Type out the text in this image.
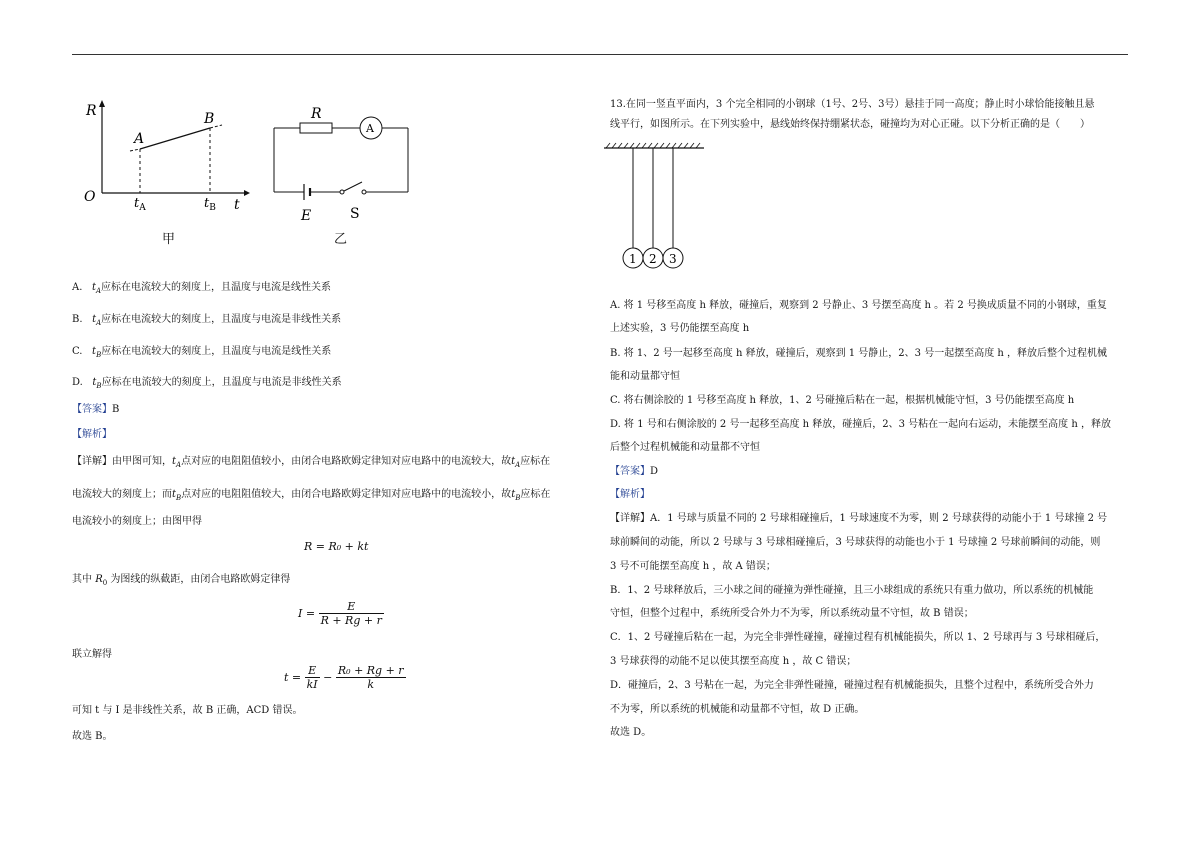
R
O	t
A
B
$t_A$	$t_B$
甲
R
A
E	S
乙
A. $t_A$应标在电流较大的刻度上，且温度与电流是线性关系
B. $t_A$应标在电流较大的刻度上，且温度与电流是非线性关系
C. $t_B$应标在电流较大的刻度上，且温度与电流是线性关系
D. $t_B$应标在电流较大的刻度上，且温度与电流是非线性关系
【答案】B
【解析】
【详解】由甲图可知，$t_A$点对应的电阻阻值较小，由闭合电路欧姆定律知对应电路中的电流较大，故$t_A$应标在
电流较大的刻度上；而$t_B$点对应的电阻阻值较大，由闭合电路欧姆定律知对应电路中的电流较小，故$t_B$应标在
电流较小的刻度上；由图甲得
R = R₀ + kt
其中 $R_0$ 为图线的纵截距，由闭合电路欧姆定律得
$I = \frac{E}{R + Rg + r}$
联立解得
$t = \frac{E}{kI} - \frac{\text{R₀ + Rg + r}}{k}$
可知 t 与 I 是非线性关系，故 B 正确，ACD 错误。
故选 B。
13.在同一竖直平面内，3 个完全相同的小钢球（1号、2号、3号）悬挂于同一高度；静止时小球恰能接触且悬
线平行，如图所示。在下列实验中，悬线始终保持绷紧状态，碰撞均为对心正碰。以下分析正确的是（　　）
1 2 3
A. 将 1 号移至高度 h 释放，碰撞后，观察到 2 号静止、3 号摆至高度 h 。若 2 号换成质量不同的小钢球，重复
上述实验，3 号仍能摆至高度 h
B. 将 1、2 号一起移至高度 h 释放，碰撞后，观察到 1 号静止，2、3 号一起摆至高度 h ，释放后整个过程机械
能和动量都守恒
C. 将右侧涂胶的 1 号移至高度 h 释放，1、2 号碰撞后粘在一起，根据机械能守恒，3 号仍能摆至高度 h
D. 将 1 号和右侧涂胶的 2 号一起移至高度 h 释放，碰撞后，2、3 号粘在一起向右运动，未能摆至高度 h ，释放
后整个过程机械能和动量都不守恒
【答案】D
【解析】
【详解】A．1 号球与质量不同的 2 号球相碰撞后，1 号球速度不为零，则 2 号球获得的动能小于 1 号球撞 2 号
球前瞬间的动能，所以 2 号球与 3 号球相碰撞后，3 号球获得的动能也小于 1 号球撞 2 号球前瞬间的动能，则
3 号不可能摆至高度 h ，故 A 错误；
B．1、2 号球释放后，三小球之间的碰撞为弹性碰撞，且三小球组成的系统只有重力做功，所以系统的机械能
守恒，但整个过程中，系统所受合外力不为零，所以系统动量不守恒，故 B 错误；
C．1、2 号碰撞后粘在一起，为完全非弹性碰撞，碰撞过程有机械能损失，所以 1、2 号球再与 3 号球相碰后，
3 号球获得的动能不足以使其摆至高度 h ，故 C 错误；
D．碰撞后，2、3 号粘在一起，为完全非弹性碰撞，碰撞过程有机械能损失，且整个过程中，系统所受合外力
不为零，所以系统的机械能和动量都不守恒，故 D 正确。
故选 D。
